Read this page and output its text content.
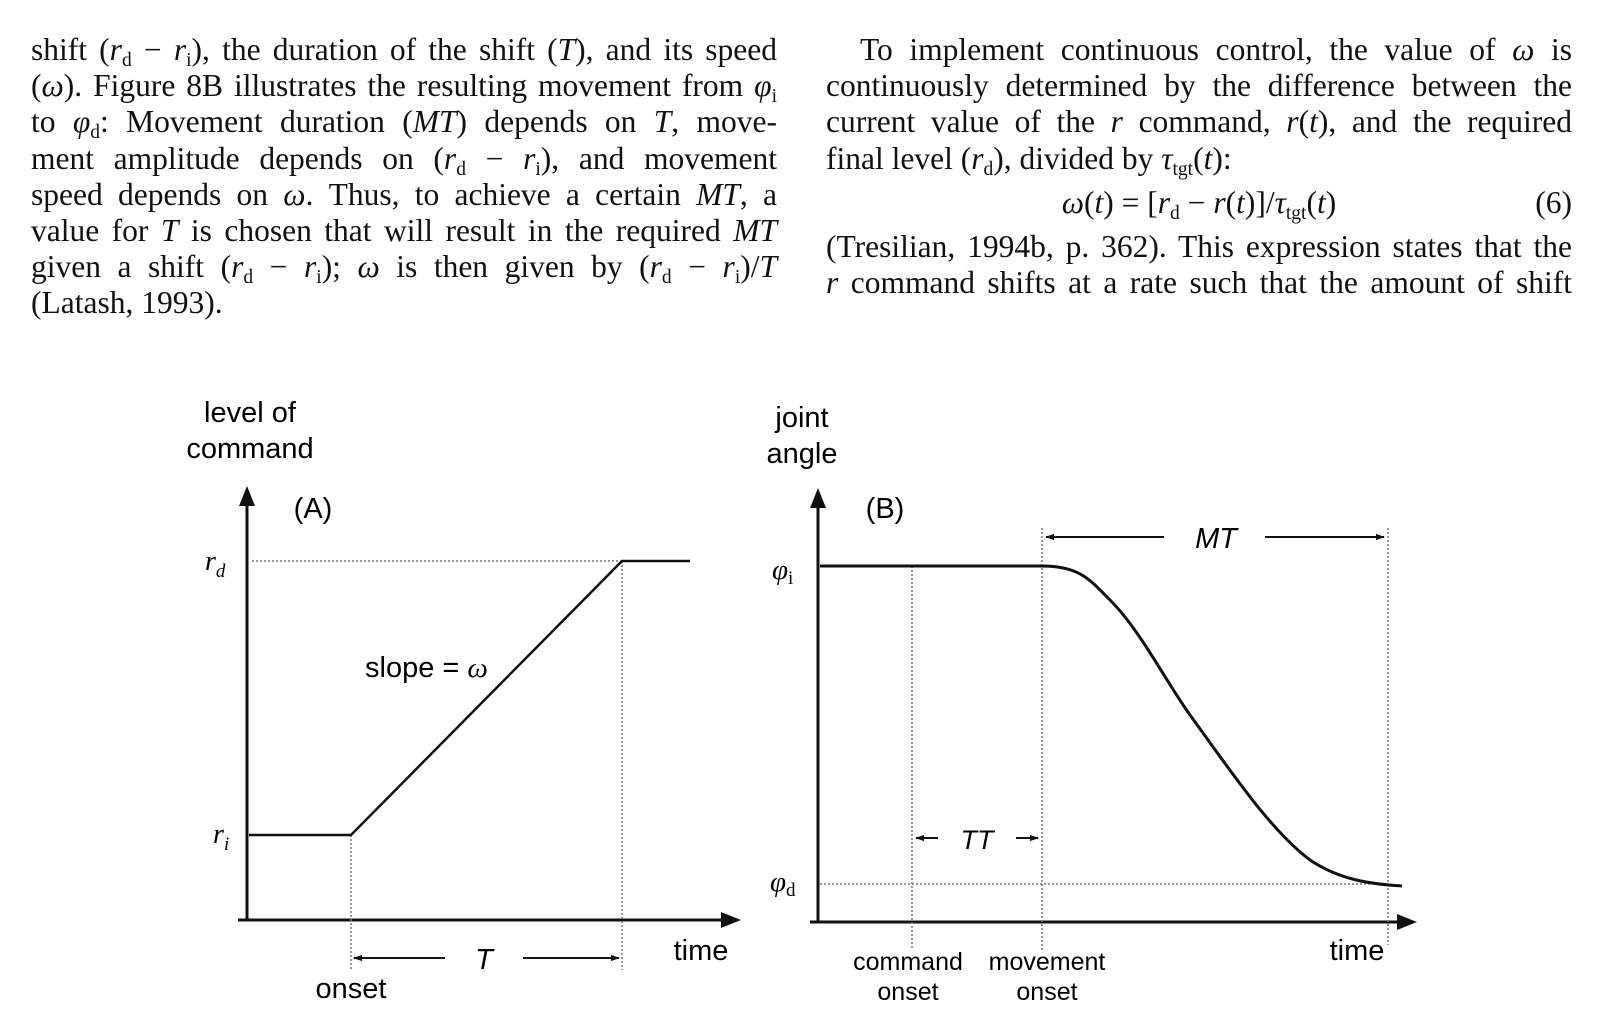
shift $(r_d - r_i)$, the duration of the shift (T), and its speed
(ω). Figure 8B illustrates the resulting movement from $\varphi_i$
to $\varphi_d$: Movement duration (MT) depends on T, move-
ment amplitude depends on $(r_d - r_i)$, and movement
speed depends on ω. Thus, to achieve a certain MT, a
value for T is chosen that will result in the required MT
given a shift $(r_d - r_i)$; ω is then given by $(r_d - r_i)/T$
(Latash, 1993).
To implement continuous control, the value of ω is
continuously determined by the difference between the
current value of the r command, r(t), and the required
final level $(r_d)$, divided by $\tau_{tgt}(t)$:
$\omega(t) = [r_d - r(t)]/\tau_{tgt}(t)$	(6)
(Tresilian, 1994b, p. 362). This expression states that the
r command shifts at a rate such that the amount of shift
level of
command
(A)
$r_d$
$r_i$
slope = ω
T	time
onset
joint
angle
(B)
φi
φd
MT
TT
time
command
onset
movement
onset
